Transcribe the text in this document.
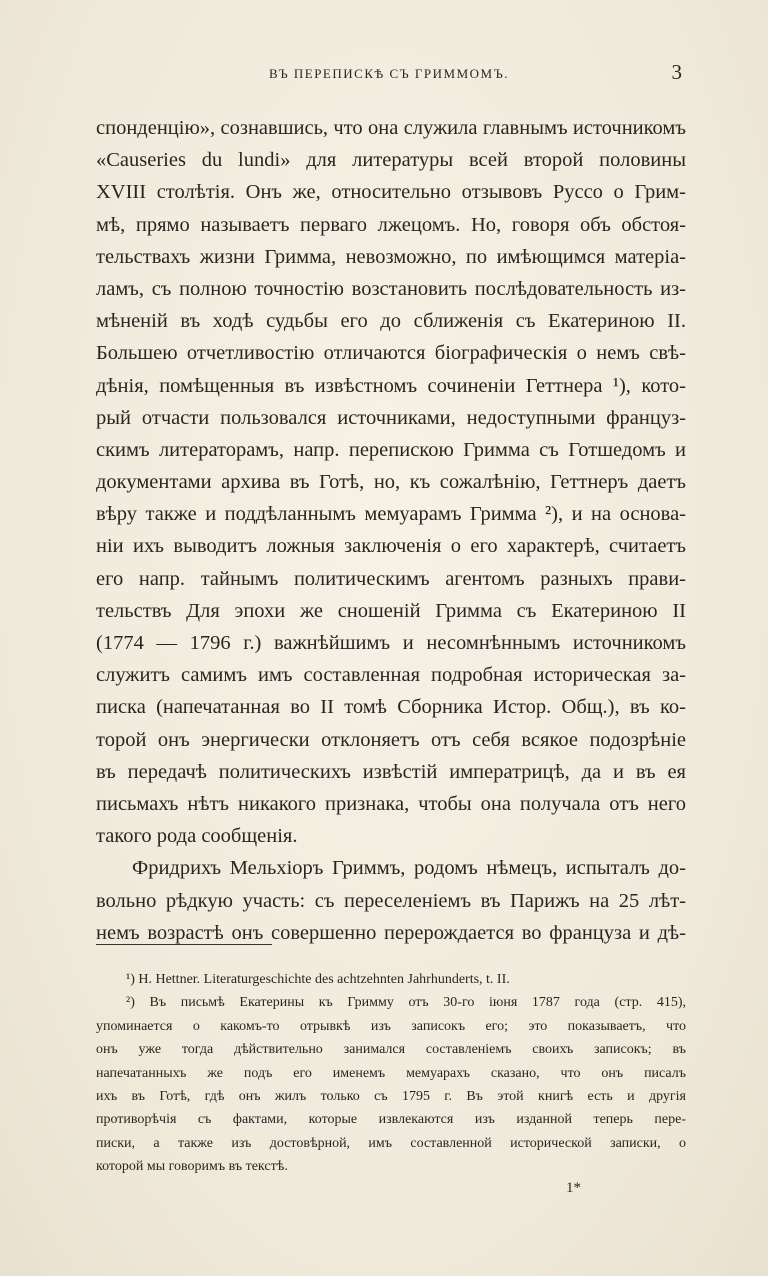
ВЪ ПЕРЕПИСКѢ СЪ ГРИММОМЪ.	3
спонденцію», сознавшись, что она служила главнымъ источникомъ
«Causeries du lundi» для литературы всей второй половины
XVIII столѣтія. Онъ же, относительно отзывовъ Руссо о Грим-
мѣ, прямо называетъ перваго лжецомъ. Но, говоря объ обстоя-
тельствахъ жизни Гримма, невозможно, по имѣющимся матеріа-
ламъ, съ полною точностію возстановить послѣдовательность из-
мѣненій въ ходѣ судьбы его до сближенія съ Екатериною II.
Большею отчетливостію отличаются біографическія о немъ свѣ-
дѣнія, помѣщенныя въ извѣстномъ сочиненіи Геттнера ¹), кото-
рый отчасти пользовался источниками, недоступными француз-
скимъ литераторамъ, напр. перепискою Гримма съ Готшедомъ и
документами архива въ Готѣ, но, къ сожалѣнію, Геттнеръ даетъ
вѣру также и поддѣланнымъ мемуарамъ Гримма ²), и на основа-
ніи ихъ выводитъ ложныя заключенія о его характерѣ, считаетъ
его напр. тайнымъ политическимъ агентомъ разныхъ прави-
тельствъ Для эпохи же сношеній Гримма съ Екатериною II
(1774 — 1796 г.) важнѣйшимъ и несомнѣннымъ источникомъ
служитъ самимъ имъ составленная подробная историческая за-
писка (напечатанная во II томѣ Сборника Истор. Общ.), въ ко-
торой онъ энергически отклоняетъ отъ себя всякое подозрѣніе
въ передачѣ политическихъ извѣстій императрицѣ, да и въ ея
письмахъ нѣтъ никакого признака, чтобы она получала отъ него
такого рода сообщенія.
Фридрихъ Мельхіоръ Гриммъ, родомъ нѣмецъ, испыталъ до-
вольно рѣдкую участь: съ переселеніемъ въ Парижъ на 25 лѣт-
немъ возрастѣ онъ совершенно перерождается во француза и дѣ-
¹) H. Hettner. Literaturgeschichte des achtzehnten Jahrhunderts, t. II.
²) Въ письмѣ Екатерины къ Гримму отъ 30-го іюня 1787 года (стр. 415),
упоминается о какомъ-то отрывкѣ изъ записокъ его; это показываетъ, что
онъ уже тогда дѣйствительно занимался составленіемъ своихъ записокъ; въ
напечатанныхъ же подъ его именемъ мемуарахъ сказано, что онъ писалъ
ихъ въ Готѣ, гдѣ онъ жилъ только съ 1795 г. Въ этой книгѣ есть и другія
противорѣчія съ фактами, которые извлекаются изъ изданной теперь пере-
писки, а также изъ достовѣрной, имъ составленной исторической записки, о
которой мы говоримъ въ текстѣ.
1*
